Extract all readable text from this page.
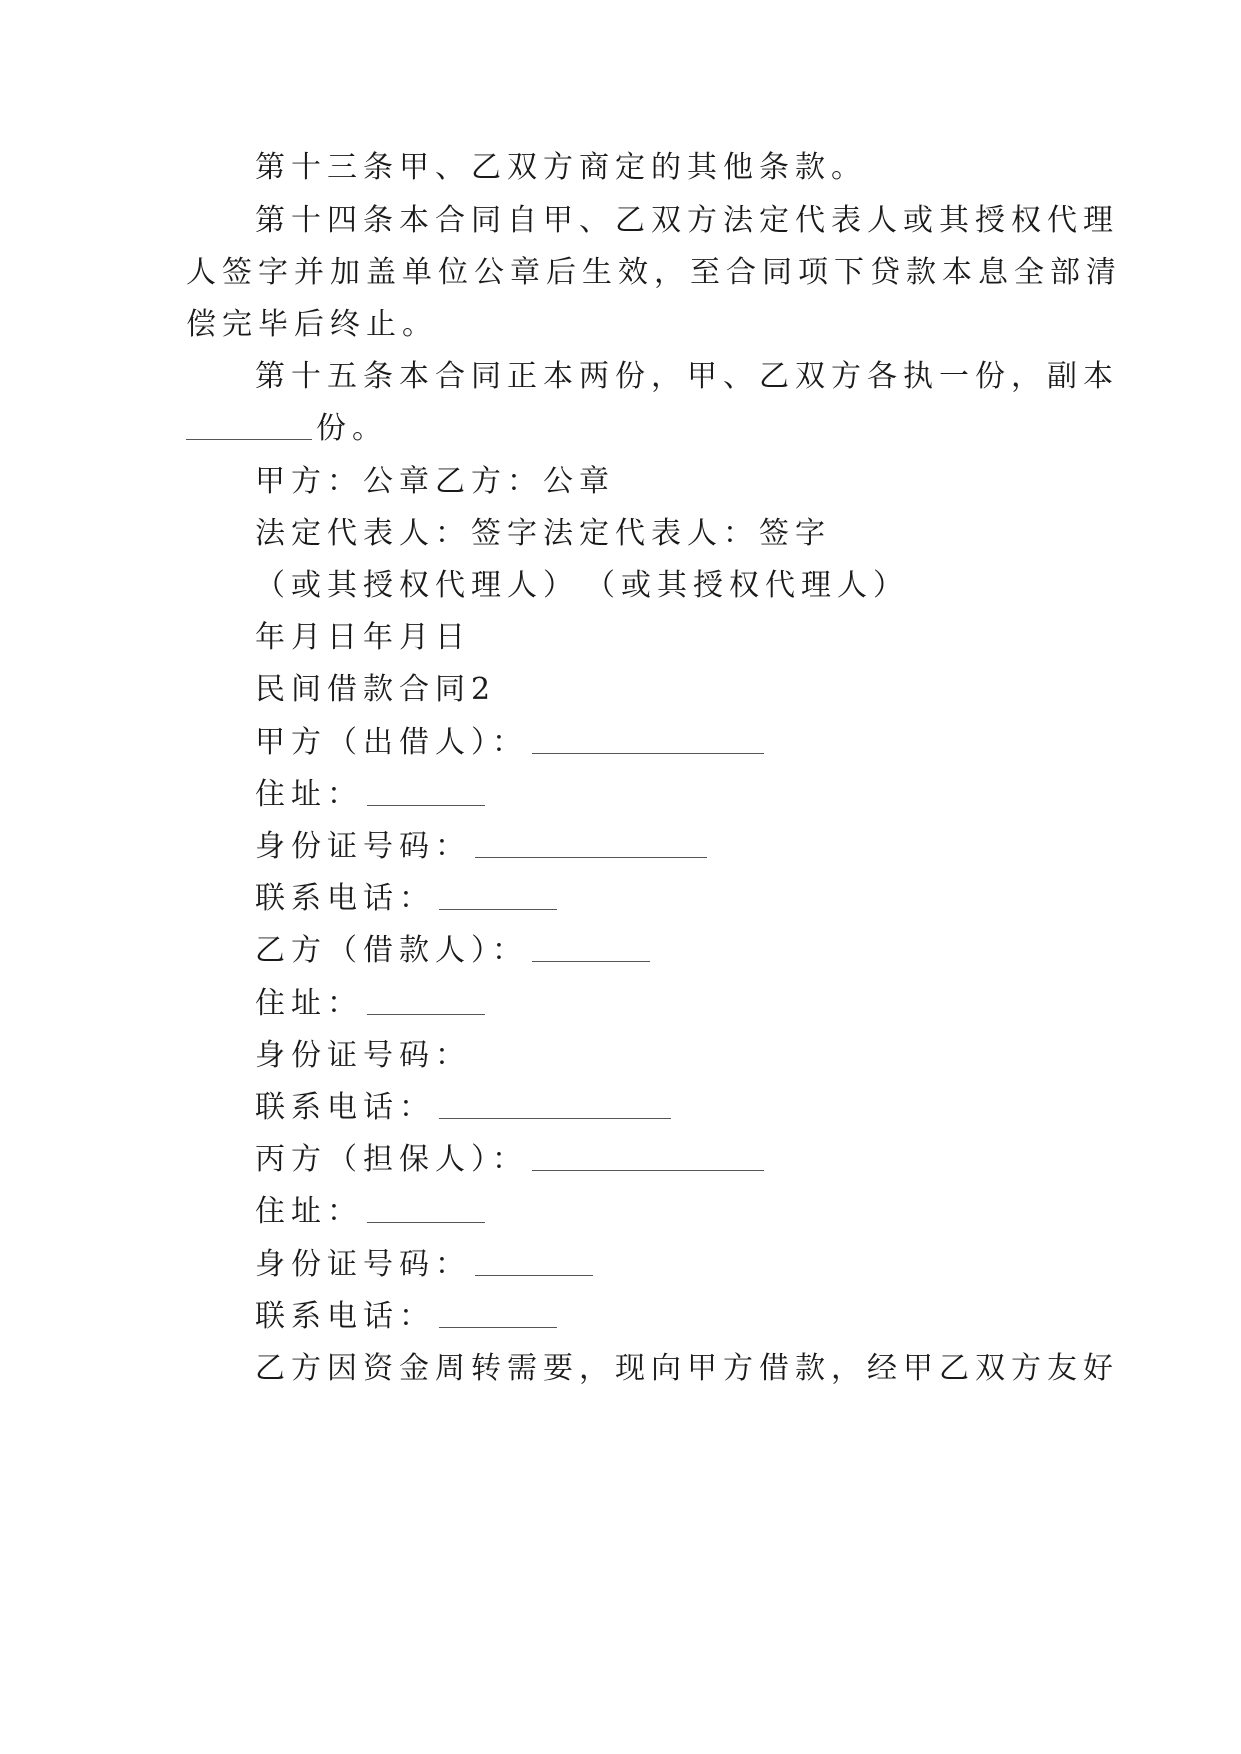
第十三条甲、乙双方商定的其他条款。
第十四条本合同自甲、乙双方法定代表人或其授权代理
人签字并加盖单位公章后生效，至合同项下贷款本息全部清
偿完毕后终止。
第十五条本合同正本两份，甲、乙双方各执一份，副本
份。
甲方：公章乙方：公章
法定代表人：签字法定代表人：签字
（或其授权代理人）　（或其授权代理人）
年月日年月日
民间借款合同2
甲方（出借人）：
住址：
身份证号码：
联系电话：
乙方（借款人）：
住址：
身份证号码：
联系电话：
丙方（担保人）：
住址：
身份证号码：
联系电话：
乙方因资金周转需要，现向甲方借款，经甲乙双方友好
